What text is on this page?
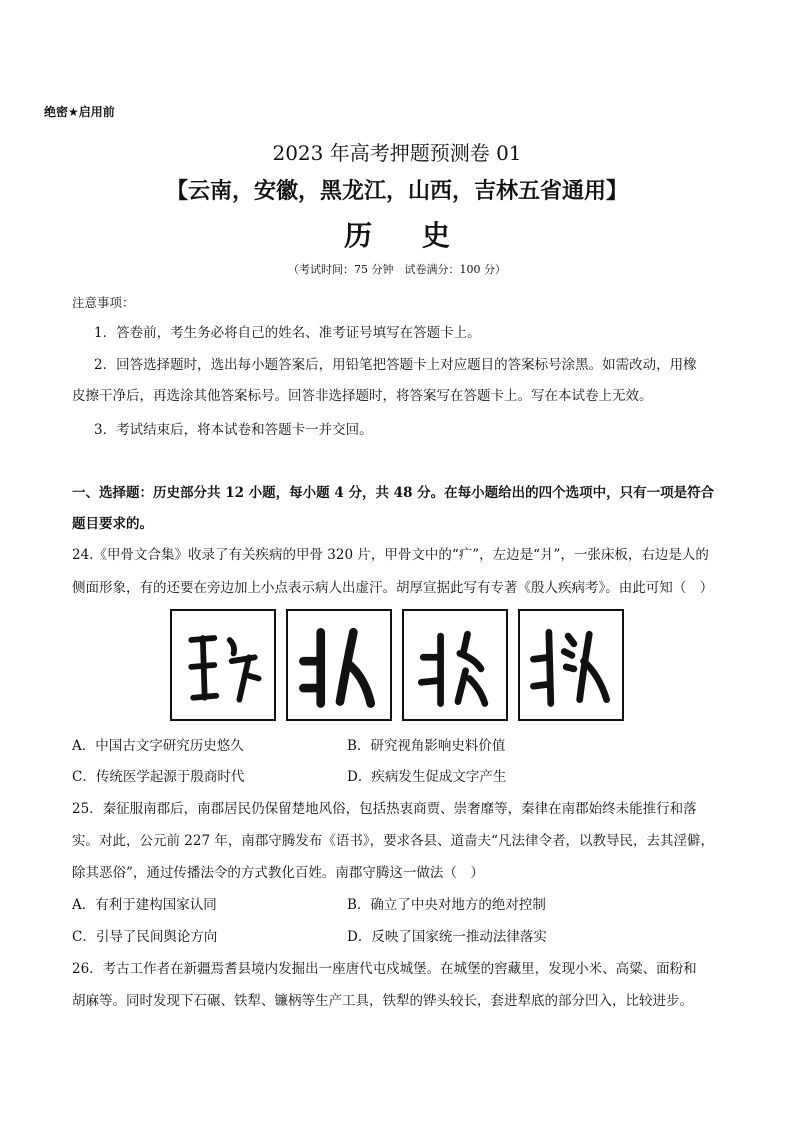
绝密★启用前
2023 年高考押题预测卷 01
【云南，安徽，黑龙江，山西，吉林五省通用】
历 史
（考试时间：75 分钟　试卷满分：100 分）
注意事项：
1．答卷前，考生务必将自己的姓名、准考证号填写在答题卡上。
2．回答选择题时，选出每小题答案后，用铅笔把答题卡上对应题目的答案标号涂黑。如需改动，用橡
皮擦干净后，再选涂其他答案标号。回答非选择题时，将答案写在答题卡上。写在本试卷上无效。
3．考试结束后，将本试卷和答题卡一并交回。
一、选择题：历史部分共 12 小题，每小题 4 分，共 48 分。在每小题给出的四个选项中，只有一项是符合
题目要求的。
24.《甲骨文合集》收录了有关疾病的甲骨 320 片，甲骨文中的“疒”，左边是“爿”，一张床板，右边是人的
侧面形象，有的还要在旁边加上小点表示病人出虚汗。胡厚宣据此写有专著《殷人疾病考》。由此可知（　）
A．中国古文字研究历史悠久	B．研究视角影响史料价值
C．传统医学起源于殷商时代	D．疾病发生促成文字产生
25．秦征服南郡后，南郡居民仍保留楚地风俗，包括热衷商贾、崇奢靡等，秦律在南郡始终未能推行和落
实。对此，公元前 227 年，南郡守腾发布《语书》，要求各县、道啬夫“凡法律令者，以教导民，去其淫僻，
除其恶俗”，通过传播法令的方式教化百姓。南郡守腾这一做法（　）
A．有利于建构国家认同	B．确立了中央对地方的绝对控制
C．引导了民间舆论方向	D．反映了国家统一推动法律落实
26．考古工作者在新疆焉耆县境内发掘出一座唐代屯戍城堡。在城堡的窖藏里，发现小米、高粱、面粉和
胡麻等。同时发现下石碾、铁犁、镰柄等生产工具，铁犁的铧头较长，套进犁底的部分凹入，比较进步。
